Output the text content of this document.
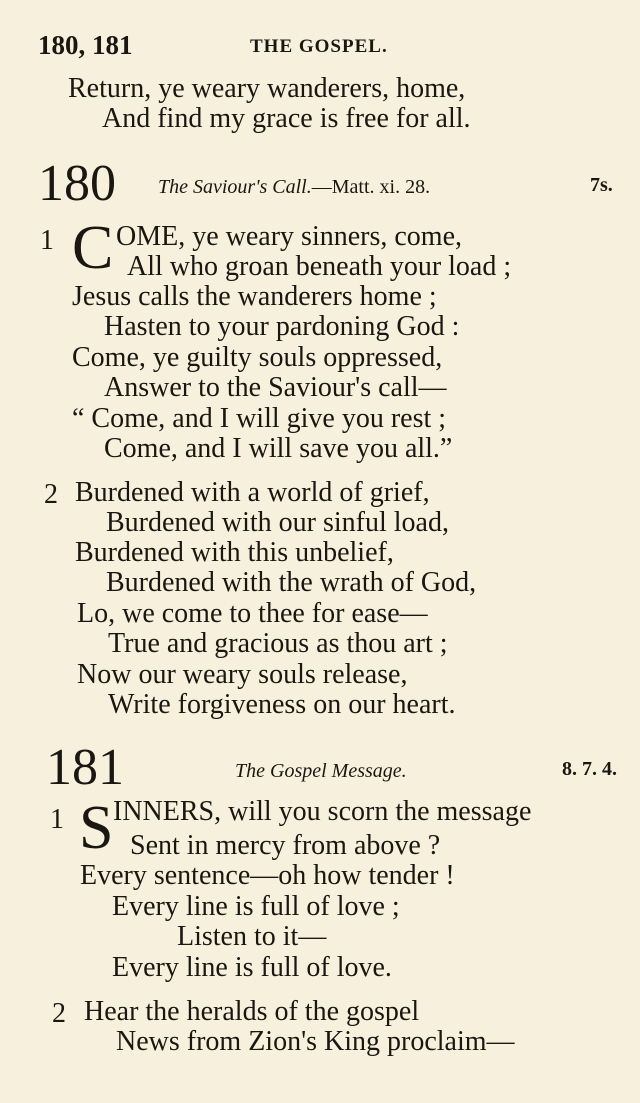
180, 181	THE GOSPEL.
Return, ye weary wanderers, home,
And find my grace is free for all.
180 The Saviour's Call.—Matt. xi. 28.	7s.
1 C OME, ye weary sinners, come,
All who groan beneath your load ;
Jesus calls the wanderers home ;
Hasten to your pardoning God :
Come, ye guilty souls oppressed,
Answer to the Saviour's call—
“ Come, and I will give you rest ;
Come, and I will save you all.”
2 Burdened with a world of grief,
Burdened with our sinful load,
Burdened with this unbelief,
Burdened with the wrath of God,
Lo, we come to thee for ease—
True and gracious as thou art ;
Now our weary souls release,
Write forgiveness on our heart.
181	The Gospel Message.	8. 7. 4.
1 S INNERS, will you scorn the message
Sent in mercy from above ?
Every sentence—oh how tender !
Every line is full of love ;
Listen to it—
Every line is full of love.
2 Hear the heralds of the gospel
News from Zion's King proclaim—
